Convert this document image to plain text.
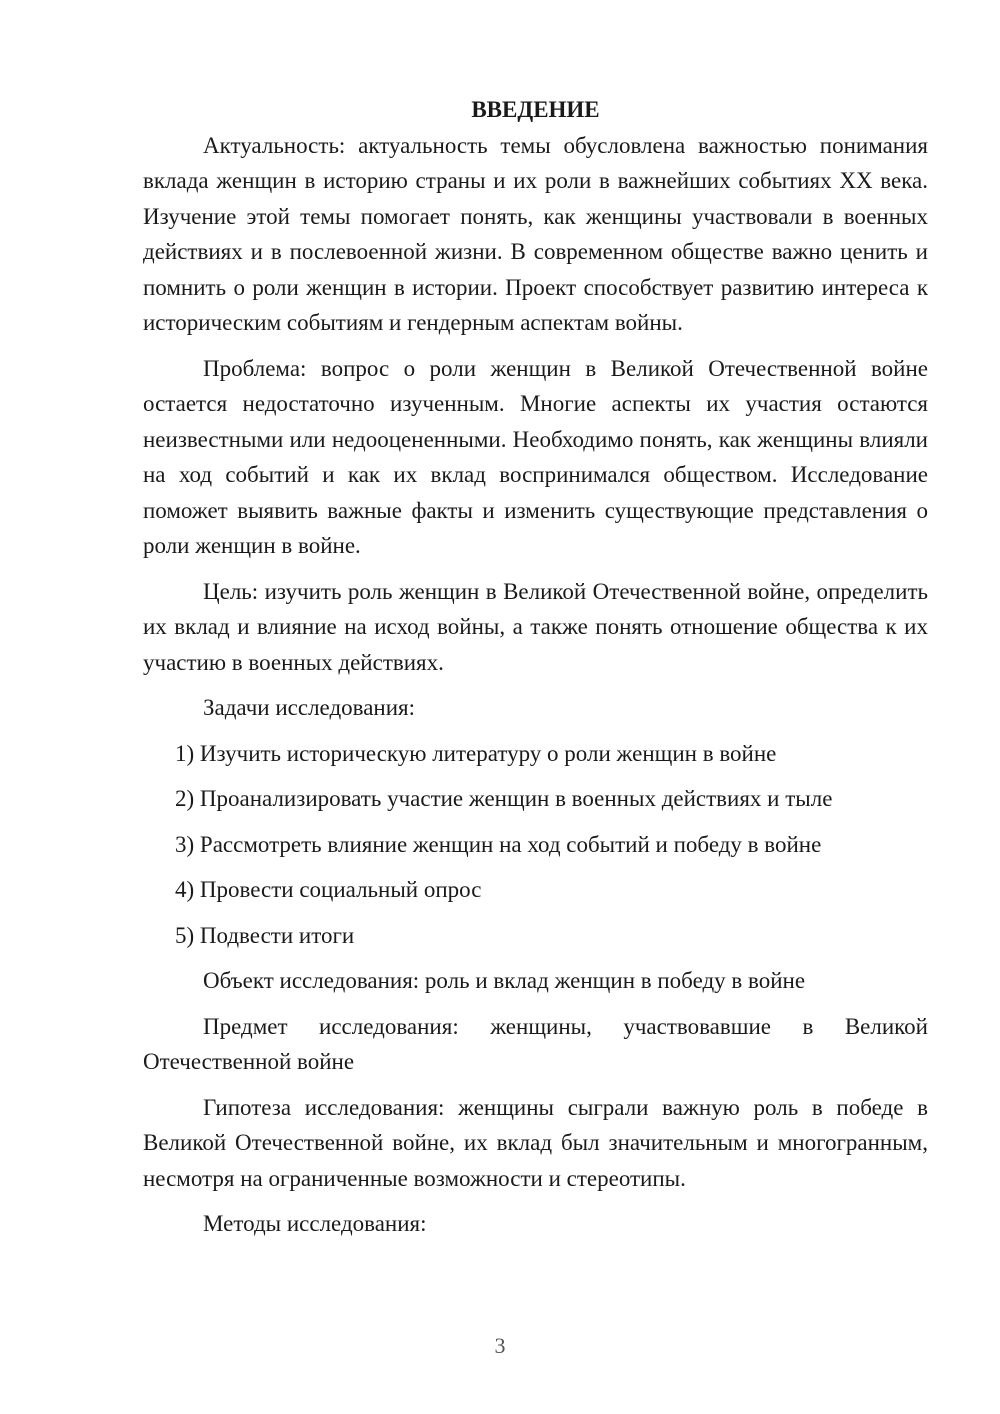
ВВЕДЕНИЕ

Актуальность: актуальность темы обусловлена важностью понимания вклада женщин в историю страны и их роли в важнейших событиях XX века. Изучение этой темы помогает понять, как женщины участвовали в военных действиях и в послевоенной жизни. В современном обществе важно ценить и помнить о роли женщин в истории. Проект способствует развитию интереса к историческим событиям и гендерным аспектам войны.

Проблема: вопрос о роли женщин в Великой Отечественной войне остается недостаточно изученным. Многие аспекты их участия остаются неизвестными или недооцененными. Необходимо понять, как женщины влияли на ход событий и как их вклад воспринимался обществом. Исследование поможет выявить важные факты и изменить существующие представления о роли женщин в войне.

Цель: изучить роль женщин в Великой Отечественной войне, определить их вклад и влияние на исход войны, а также понять отношение общества к их участию в военных действиях.

Задачи исследования:

1) Изучить историческую литературу о роли женщин в войне
2) Проанализировать участие женщин в военных действиях и тыле
3) Рассмотреть влияние женщин на ход событий и победу в войне
4) Провести социальный опрос
5) Подвести итоги

Объект исследования: роль и вклад женщин в победу в войне

Предмет исследования: женщины, участвовавшие в Великой Отечественной войне

Гипотеза исследования: женщины сыграли важную роль в победе в Великой Отечественной войне, их вклад был значительным и многогранным, несмотря на ограниченные возможности и стереотипы.

Методы исследования:

3
